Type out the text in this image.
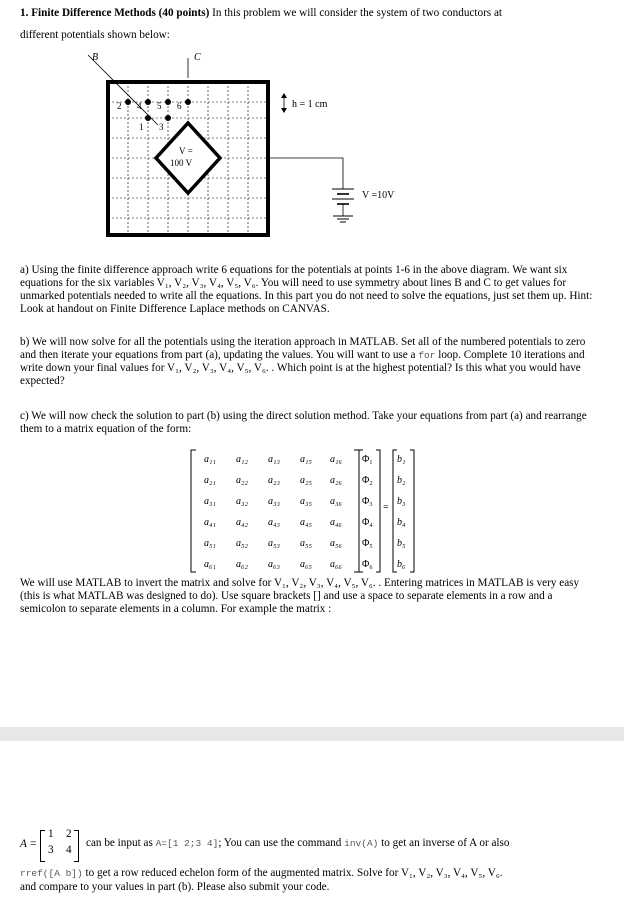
1. Finite Difference Methods (40 points) In this problem we will consider the system of two conductors at
different potentials shown below:
B	C
V =
100 V
2 4 5 6
1 3
h = 1 cm
V =10V
a) Using the finite difference approach write 6 equations for the potentials at points 1-6 in the above diagram. We want six equations for the six variables V₁, V₂, V₃, V₄, V₅, V₆. You will need to use symmetry about lines B and C to get values for unmarked potentials needed to write all the equations. In this part you do not need to solve the equations, just set them up. Hint: Look at handout on Finite Difference Laplace methods on CANVAS.
b) We will now solve for all the potentials using the iteration approach in MATLAB. Set all of the numbered potentials to zero and then iterate your equations from part (a), updating the values. You will want to use a for loop. Complete 10 iterations and write down your final values for V₁, V₂, V₃, V₄, V₅, V₆. . Which point is at the highest potential? Is this what you would have expected?
c) We will now check the solution to part (b) using the direct solution method. Take your equations from part (a) and rearrange them to a matrix equation of the form:
a₁₁ a₁₂ a₁₃ a₁₅ a₁₆ Φ₁ b₁
a₂₁ a₂₂ a₂₃ a₂₅ a₂₆ Φ₂ b₂
a₃₁ a₃₂ a₃₃ a₃₅ a₃₆ Φ₃ b₃
a₄₁ a₄₂ a₄₃ a₄₅ a₄₆ Φ₄ b₄
a₅₁ a₅₂ a₅₃ a₅₅ a₅₆ Φ₅ b₅
a₆₁ a₆₂ a₆₃ a₆₅ a₆₆ Φ₆ b₆
=
We will use MATLAB to invert the matrix and solve for V₁, V₂, V₃, V₄, V₅, V₆. . Entering matrices in MATLAB is very easy (this is what MATLAB was designed to do). Use square brackets [] and use a space to separate elements in a row and a semicolon to separate elements in a column. For example the matrix :
A =
1 2
3 4
can be input as A=[1 2;3 4]; You can use the command inv(A) to get an inverse of A or also
rref([A b]) to get a row reduced echelon form of the augmented matrix. Solve for V₁, V₂, V₃, V₄, V₅, V₆.
and compare to your values in part (b). Please also submit your code.
